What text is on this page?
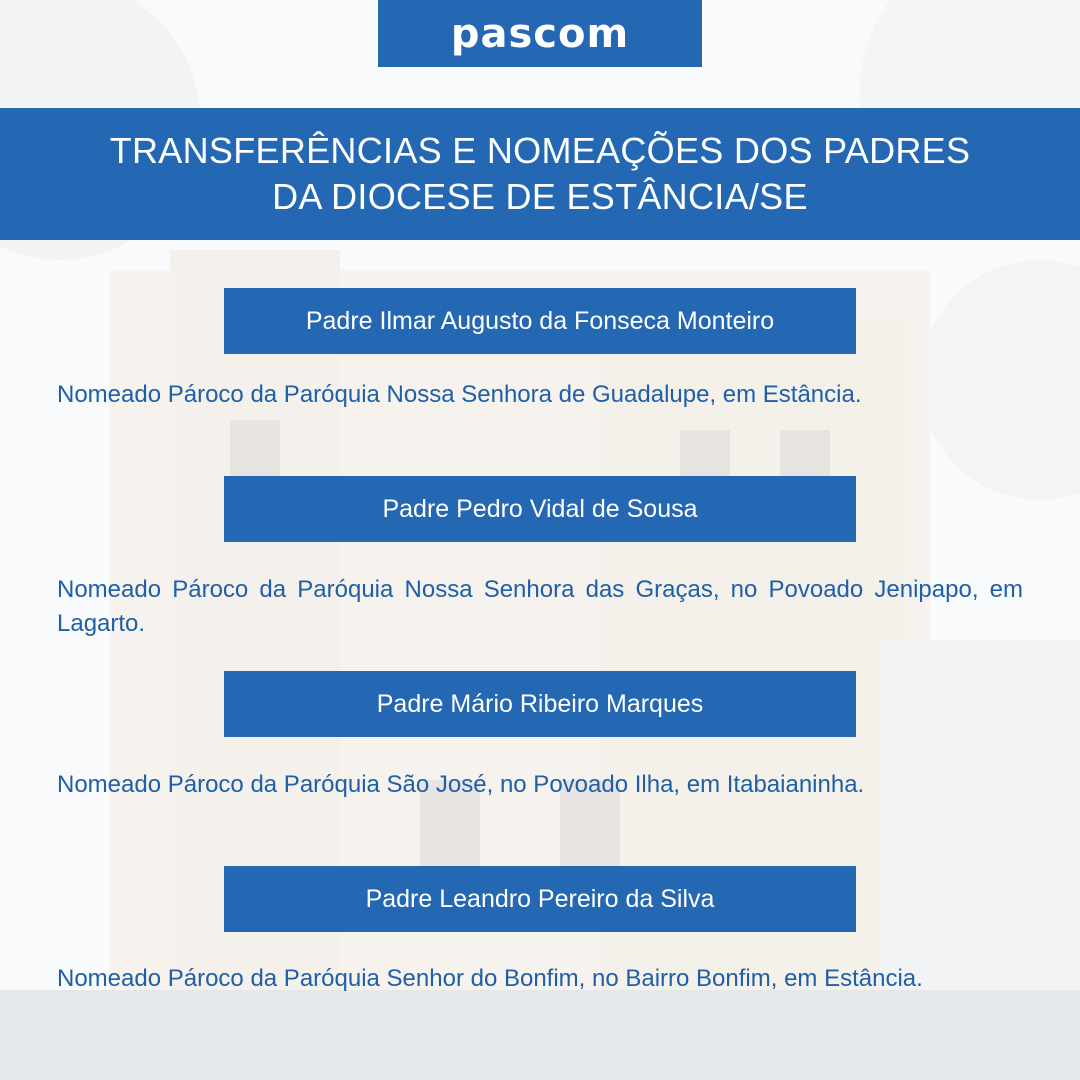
pascom
TRANSFERÊNCIAS E NOMEAÇÕES DOS PADRES
DA DIOCESE DE ESTÂNCIA/SE
Padre Ilmar Augusto da Fonseca Monteiro
Nomeado Pároco da Paróquia Nossa Senhora de Guadalupe, em Estância.
Padre Pedro Vidal de Sousa
Nomeado Pároco da Paróquia Nossa Senhora das Graças, no Povoado Jenipapo, em Lagarto.
Padre Mário Ribeiro Marques
Nomeado Pároco da Paróquia São José, no Povoado Ilha, em Itabaianinha.
Padre Leandro Pereiro da Silva
Nomeado Pároco da Paróquia Senhor do Bonfim, no Bairro Bonfim, em Estância.
